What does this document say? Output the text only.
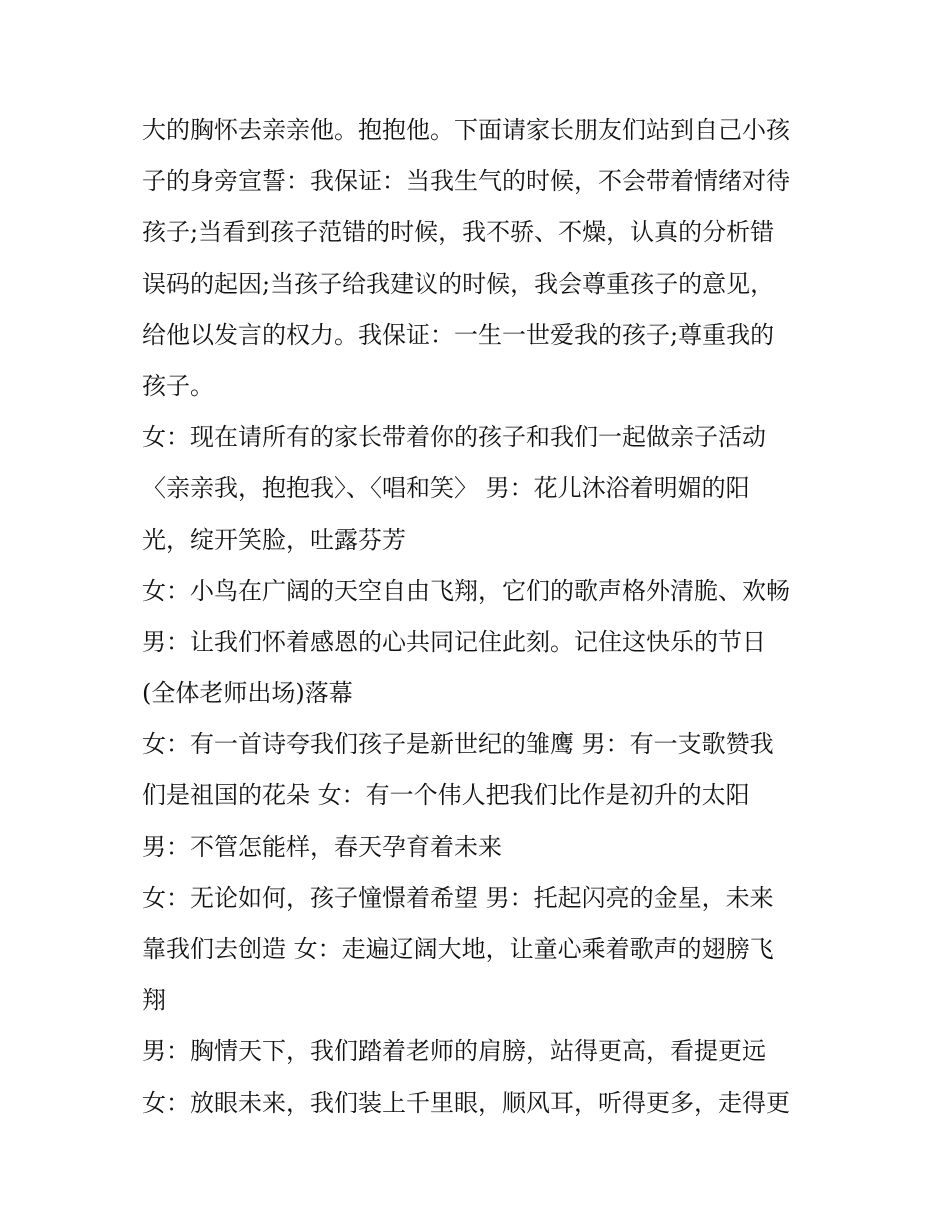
大的胸怀去亲亲他。抱抱他。下面请家长朋友们站到自己小孩
子的身旁宣誓：我保证：当我生气的时候，不会带着情绪对待
孩子;当看到孩子范错的时候，我不骄、不燥，认真的分析错
误码的起因;当孩子给我建议的时候，我会尊重孩子的意见，
给他以发言的权力。我保证：一生一世爱我的孩子;尊重我的
孩子。
女：现在请所有的家长带着你的孩子和我们一起做亲子活动
〈亲亲我，抱抱我〉、〈唱和笑〉 男：花儿沐浴着明媚的阳
光，绽开笑脸，吐露芬芳
女：小鸟在广阔的天空自由飞翔，它们的歌声格外清脆、欢畅
男：让我们怀着感恩的心共同记住此刻。记住这快乐的节日
(全体老师出场)落幕
女：有一首诗夸我们孩子是新世纪的雏鹰 男：有一支歌赞我
们是祖国的花朵 女：有一个伟人把我们比作是初升的太阳
男：不管怎能样，春天孕育着未来
女：无论如何，孩子憧憬着希望 男：托起闪亮的金星，未来
靠我们去创造 女：走遍辽阔大地，让童心乘着歌声的翅膀飞
翔
男：胸情天下，我们踏着老师的肩膀，站得更高，看提更远
女：放眼未来，我们装上千里眼，顺风耳，听得更多，走得更
